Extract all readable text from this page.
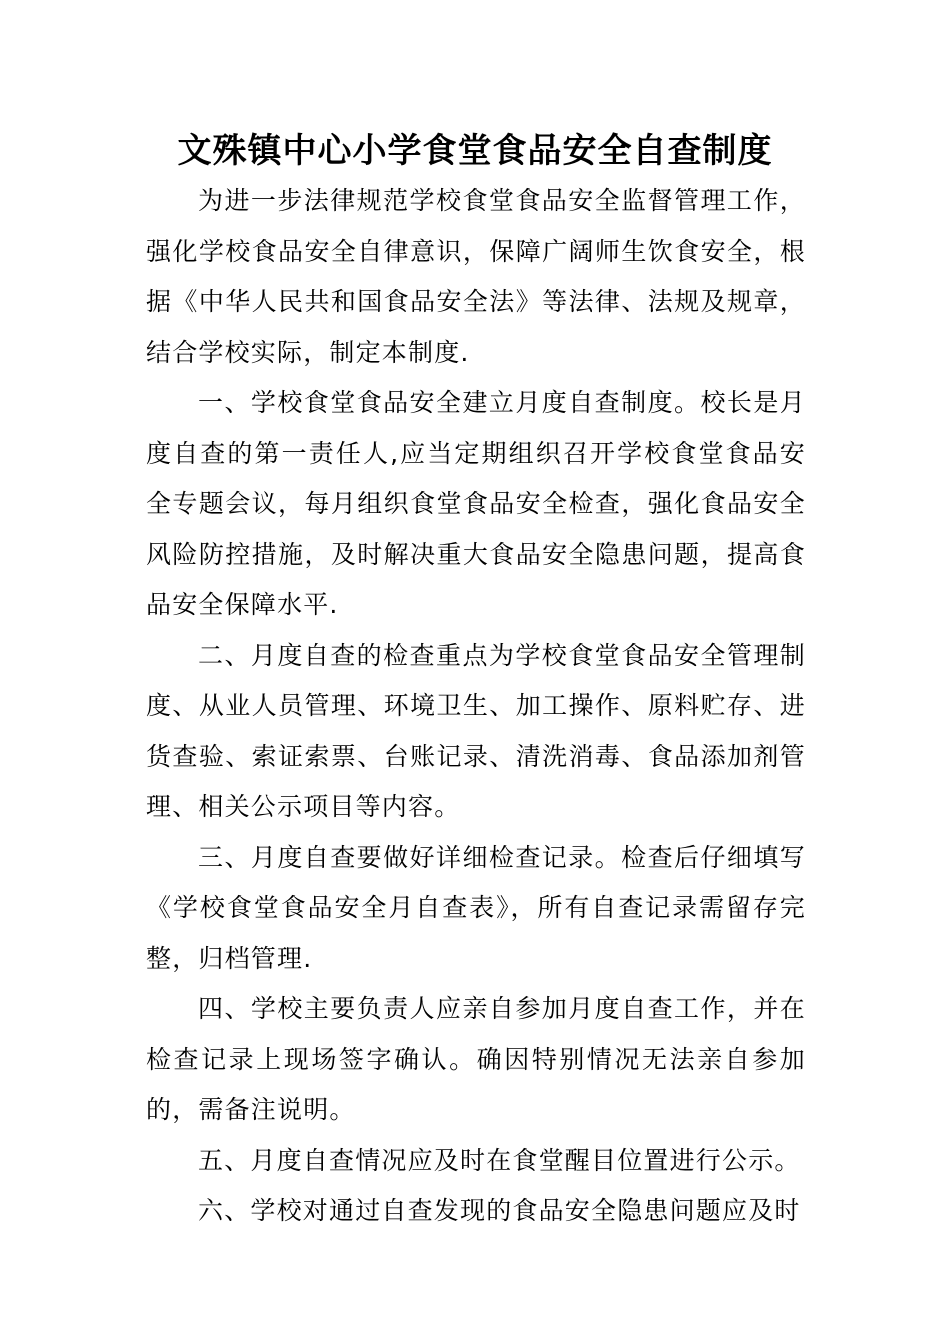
文殊镇中心小学食堂食品安全自查制度

为进一步法律规范学校食堂食品安全监督管理工作，强化学校食品安全自律意识，保障广阔师生饮食安全，根据《中华人民共和国食品安全法》等法律、法规及规章，结合学校实际，制定本制度.

一、学校食堂食品安全建立月度自查制度。校长是月度自查的第一责任人,应当定期组织召开学校食堂食品安全专题会议，每月组织食堂食品安全检查，强化食品安全风险防控措施，及时解决重大食品安全隐患问题，提高食品安全保障水平.

二、月度自查的检查重点为学校食堂食品安全管理制度、从业人员管理、环境卫生、加工操作、原料贮存、进货查验、索证索票、台账记录、清洗消毒、食品添加剂管理、相关公示项目等内容。

三、月度自查要做好详细检查记录。检查后仔细填写《学校食堂食品安全月自查表》，所有自查记录需留存完整，归档管理.

四、学校主要负责人应亲自参加月度自查工作，并在检查记录上现场签字确认。确因特别情况无法亲自参加的，需备注说明。

五、月度自查情况应及时在食堂醒目位置进行公示。

六、学校对通过自查发现的食品安全隐患问题应及时
